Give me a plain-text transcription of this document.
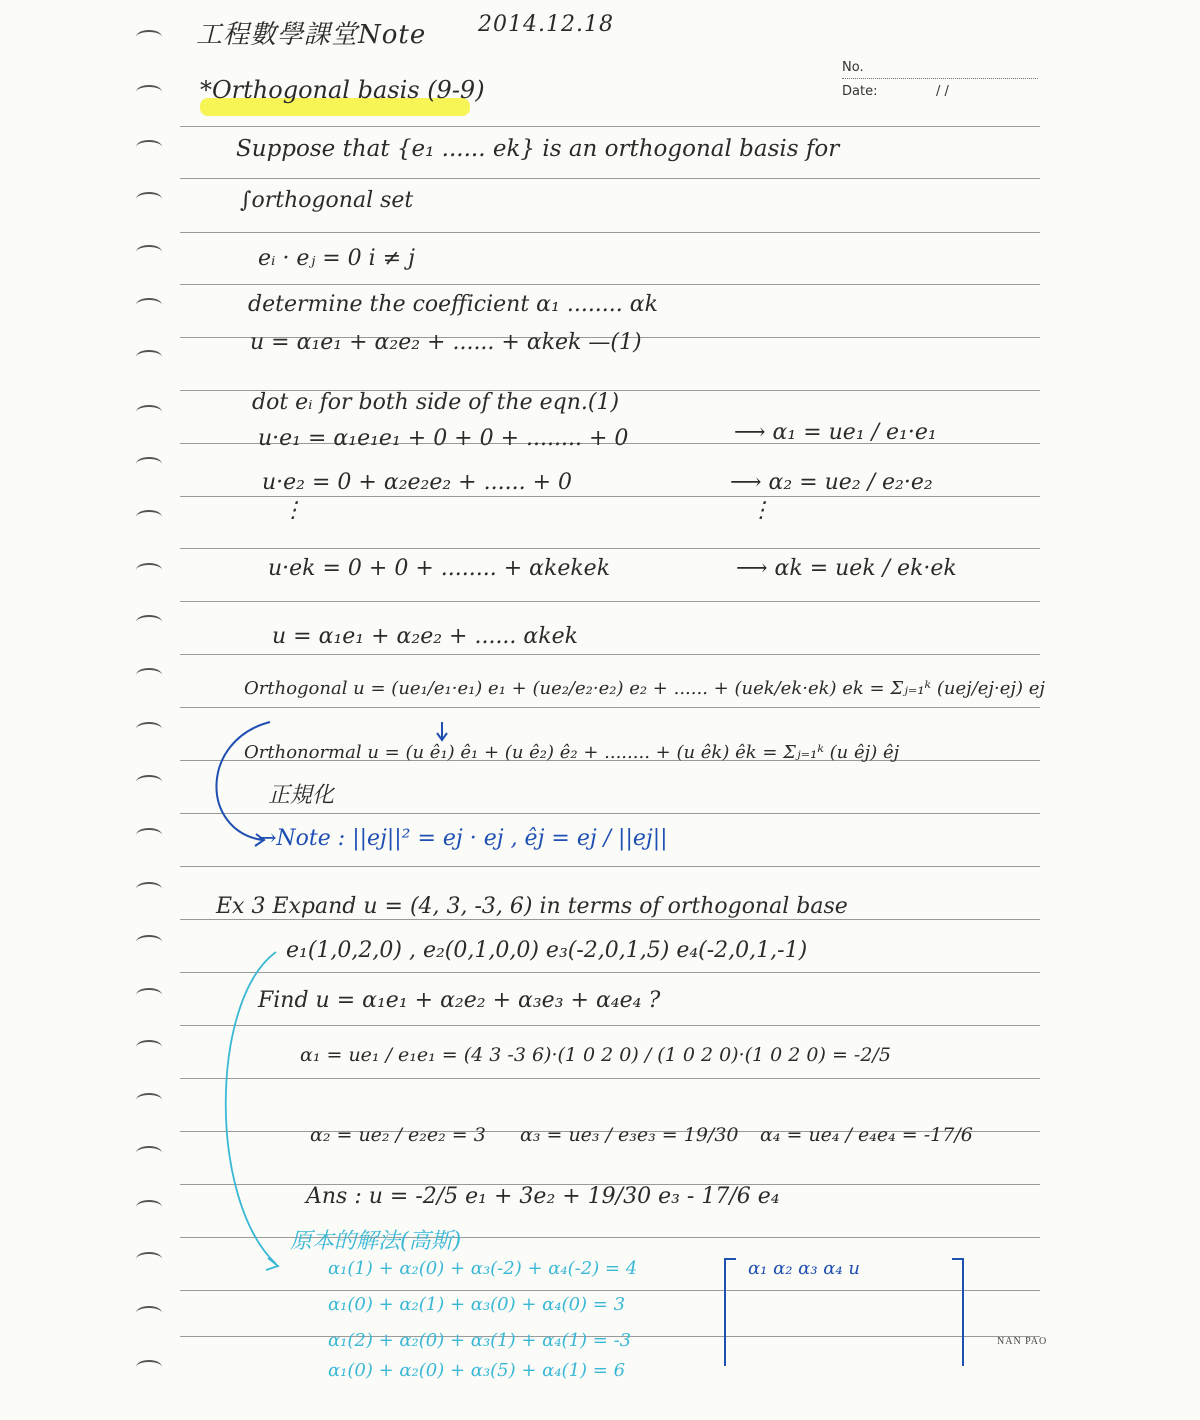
工程數學課堂Note 2014.12.18
No.
Date:	/ /
*Orthogonal basis (9-9)
Suppose that {e₁ ...... ek} is an orthogonal basis for
∫orthogonal set
eᵢ · eⱼ = 0 i ≠ j
determine the coefficient α₁ ........ αk
u = α₁e₁ + α₂e₂ + ...... + αkek —(1)
dot eᵢ for both side of the eqn.(1)
u·e₁ = α₁e₁e₁ + 0 + 0 + ........ + 0	⟶ α₁ = ue₁ / e₁·e₁
u·e₂ = 0 + α₂e₂e₂ + ...... + 0	⟶ α₂ = ue₂ / e₂·e₂
⋮	⋮
u·ek = 0 + 0 + ........ + αkekek	⟶ αk = uek / ek·ek
u = α₁e₁ + α₂e₂ + ...... αkek
Orthogonal u = (ue₁/e₁·e₁) e₁ + (ue₂/e₂·e₂) e₂ + ...... + (uek/ek·ek) ek = Σⱼ₌₁ᵏ (uej/ej·ej) ej
Orthonormal u = (u ê₁) ê₁ + (u ê₂) ê₂ + ........ + (u êk) êk = Σⱼ₌₁ᵏ (u êj) êj
正規化
→Note : ||ej||² = ej · ej , êj = ej / ||ej||
Ex 3 Expand u = (4, 3, -3, 6) in terms of orthogonal base
e₁(1,0,2,0) , e₂(0,1,0,0) e₃(-2,0,1,5) e₄(-2,0,1,-1)
Find u = α₁e₁ + α₂e₂ + α₃e₃ + α₄e₄ ?
α₁ = ue₁ / e₁e₁ = (4 3 -3 6)·(1 0 2 0) / (1 0 2 0)·(1 0 2 0) = -2/5
α₂ = ue₂ / e₂e₂ = 3 α₃ = ue₃ / e₃e₃ = 19/30 α₄ = ue₄ / e₄e₄ = -17/6
Ans : u = -2/5 e₁ + 3e₂ + 19/30 e₃ - 17/6 e₄
原本的解法(高斯)
α₁(1) + α₂(0) + α₃(-2) + α₄(-2) = 4
α₁(0) + α₂(1) + α₃(0) + α₄(0) = 3
α₁(2) + α₂(0) + α₃(1) + α₄(1) = -3
α₁(0) + α₂(0) + α₃(5) + α₄(1) = 6
α₁ α₂ α₃ α₄ u
NAN PAO
